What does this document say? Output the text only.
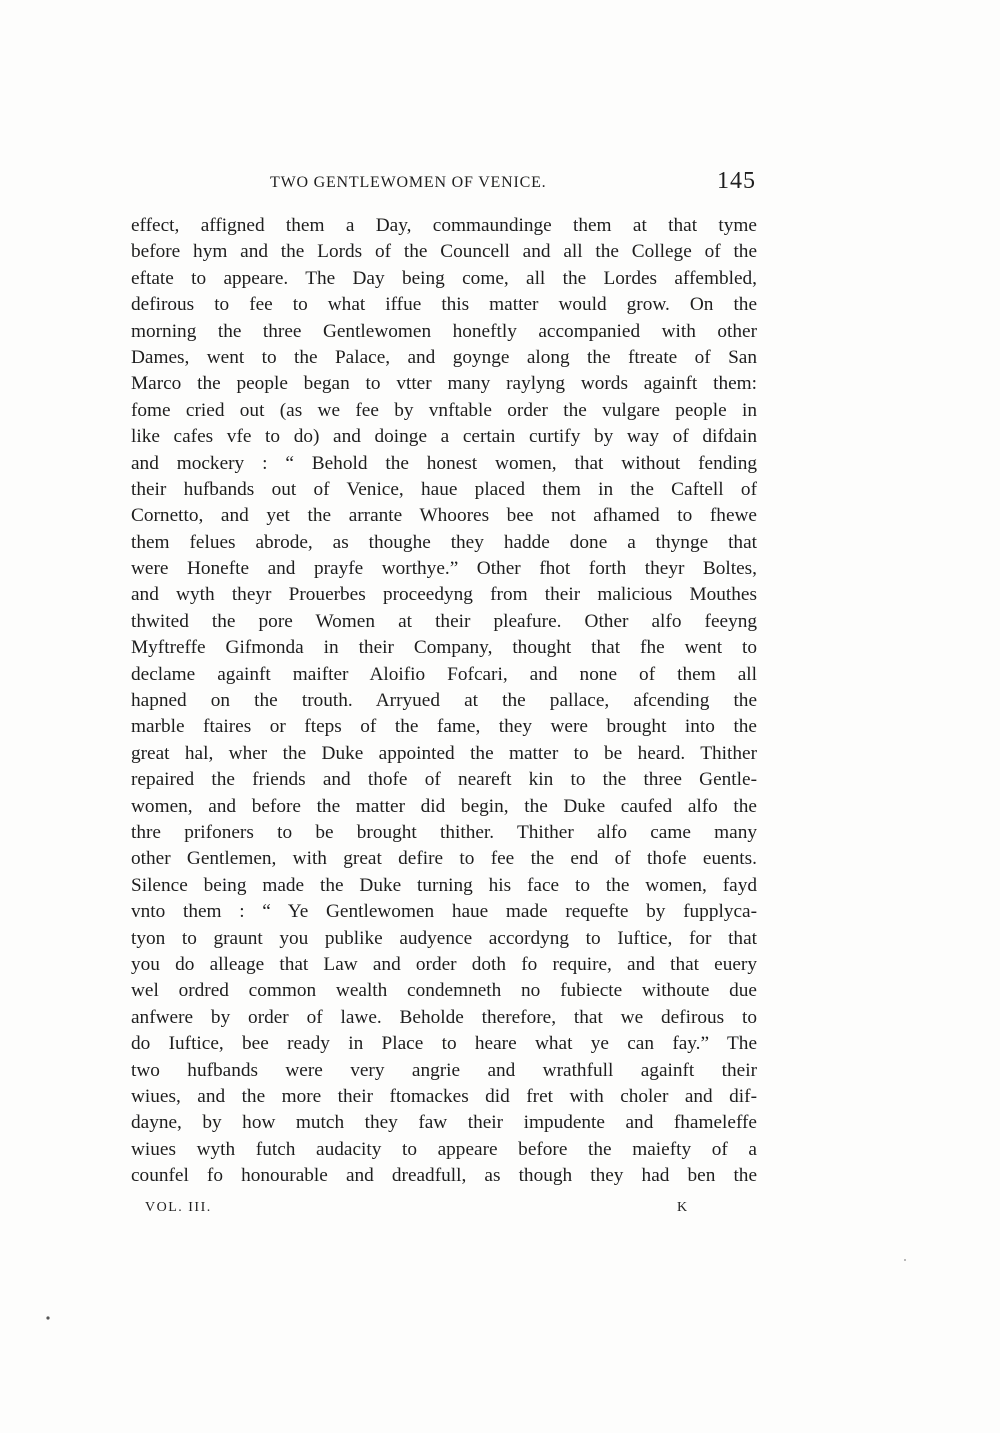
TWO GENTLEWOMEN OF VENICE.	145
effect, affigned them a Day, commaundinge them at that tyme
before hym and the Lords of the Councell and all the College of the
eftate to appeare. The Day being come, all the Lordes affembled,
defirous to fee to what iffue this matter would grow. On the
morning the three Gentlewomen honeftly accompanied with other
Dames, went to the Palace, and goynge along the ftreate of San
Marco the people began to vtter many raylyng words againft them:
fome cried out (as we fee by vnftable order the vulgare people in
like cafes vfe to do) and doinge a certain curtify by way of difdain
and mockery : “ Behold the honest women, that without fending
their hufbands out of Venice, haue placed them in the Caftell of
Cornetto, and yet the arrante Whoores bee not afhamed to fhewe
them felues abrode, as thoughe they hadde done a thynge that
were Honefte and prayfe worthye.” Other fhot forth theyr Boltes,
and wyth theyr Prouerbes proceedyng from their malicious Mouthes
thwited the pore Women at their pleafure. Other alfo feeyng
Myftreffe Gifmonda in their Company, thought that fhe went to
declame againft maifter Aloifio Fofcari, and none of them all
hapned on the trouth. Arryued at the pallace, afcending the
marble ftaires or fteps of the fame, they were brought into the
great hal, wher the Duke appointed the matter to be heard. Thither
repaired the friends and thofe of neareft kin to the three Gentle-
women, and before the matter did begin, the Duke caufed alfo the
thre prifoners to be brought thither. Thither alfo came many
other Gentlemen, with great defire to fee the end of thofe euents.
Silence being made the Duke turning his face to the women, fayd
vnto them : “ Ye Gentlewomen haue made requefte by fupplyca-
tyon to graunt you publike audyence accordyng to Iuftice, for that
you do alleage that Law and order doth fo require, and that euery
wel ordred common wealth condemneth no fubiecte withoute due
anfwere by order of lawe. Beholde therefore, that we defirous to
do Iuftice, bee ready in Place to heare what ye can fay.” The
two hufbands were very angrie and wrathfull againft their
wiues, and the more their ftomackes did fret with choler and dif-
dayne, by how mutch they faw their impudente and fhameleffe
wiues wyth futch audacity to appeare before the maiefty of a
counfel fo honourable and dreadfull, as though they had ben the
VOL. III.	K
